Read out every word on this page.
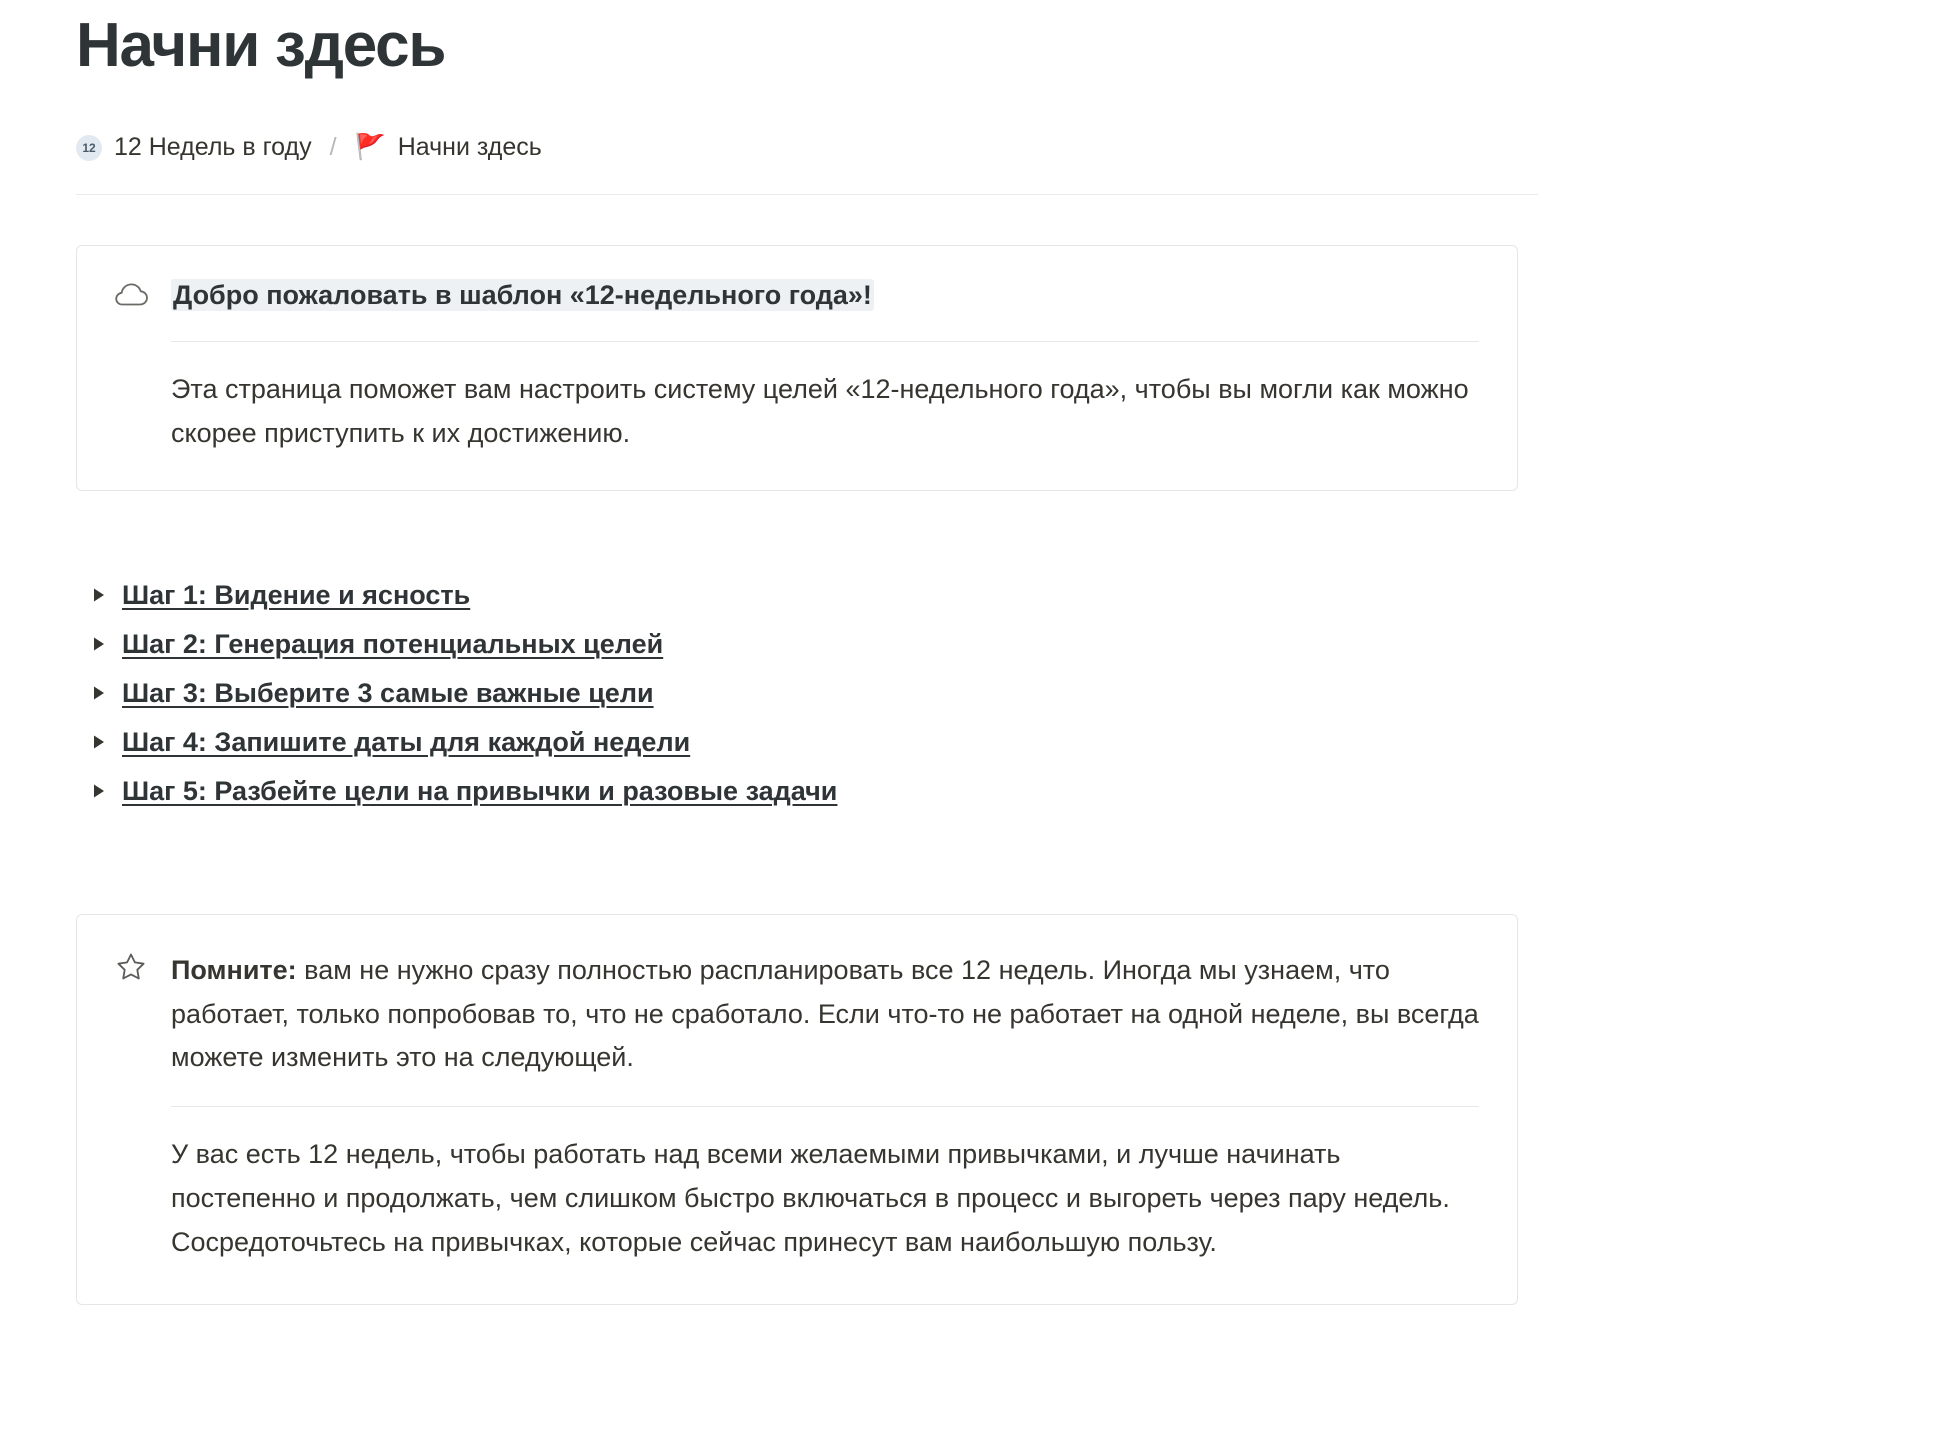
Начни здесь
12 12 Недель в году / 🚩 Начни здесь
Добро пожаловать в шаблон «12-недельного года»!
Эта страница поможет вам настроить систему целей «12-недельного года», чтобы вы могли как можно скорее приступить к их достижению.
Шаг 1: Видение и ясность
Шаг 2: Генерация потенциальных целей
Шаг 3: Выберите 3 самые важные цели
Шаг 4: Запишите даты для каждой недели
Шаг 5: Разбейте цели на привычки и разовые задачи
Помните: вам не нужно сразу полностью распланировать все 12 недель. Иногда мы узнаем, что работает, только попробовав то, что не сработало. Если что-то не работает на одной неделе, вы всегда можете изменить это на следующей.
У вас есть 12 недель, чтобы работать над всеми желаемыми привычками, и лучше начинать постепенно и продолжать, чем слишком быстро включаться в процесс и выгореть через пару недель. Сосредоточьтесь на привычках, которые сейчас принесут вам наибольшую пользу.
